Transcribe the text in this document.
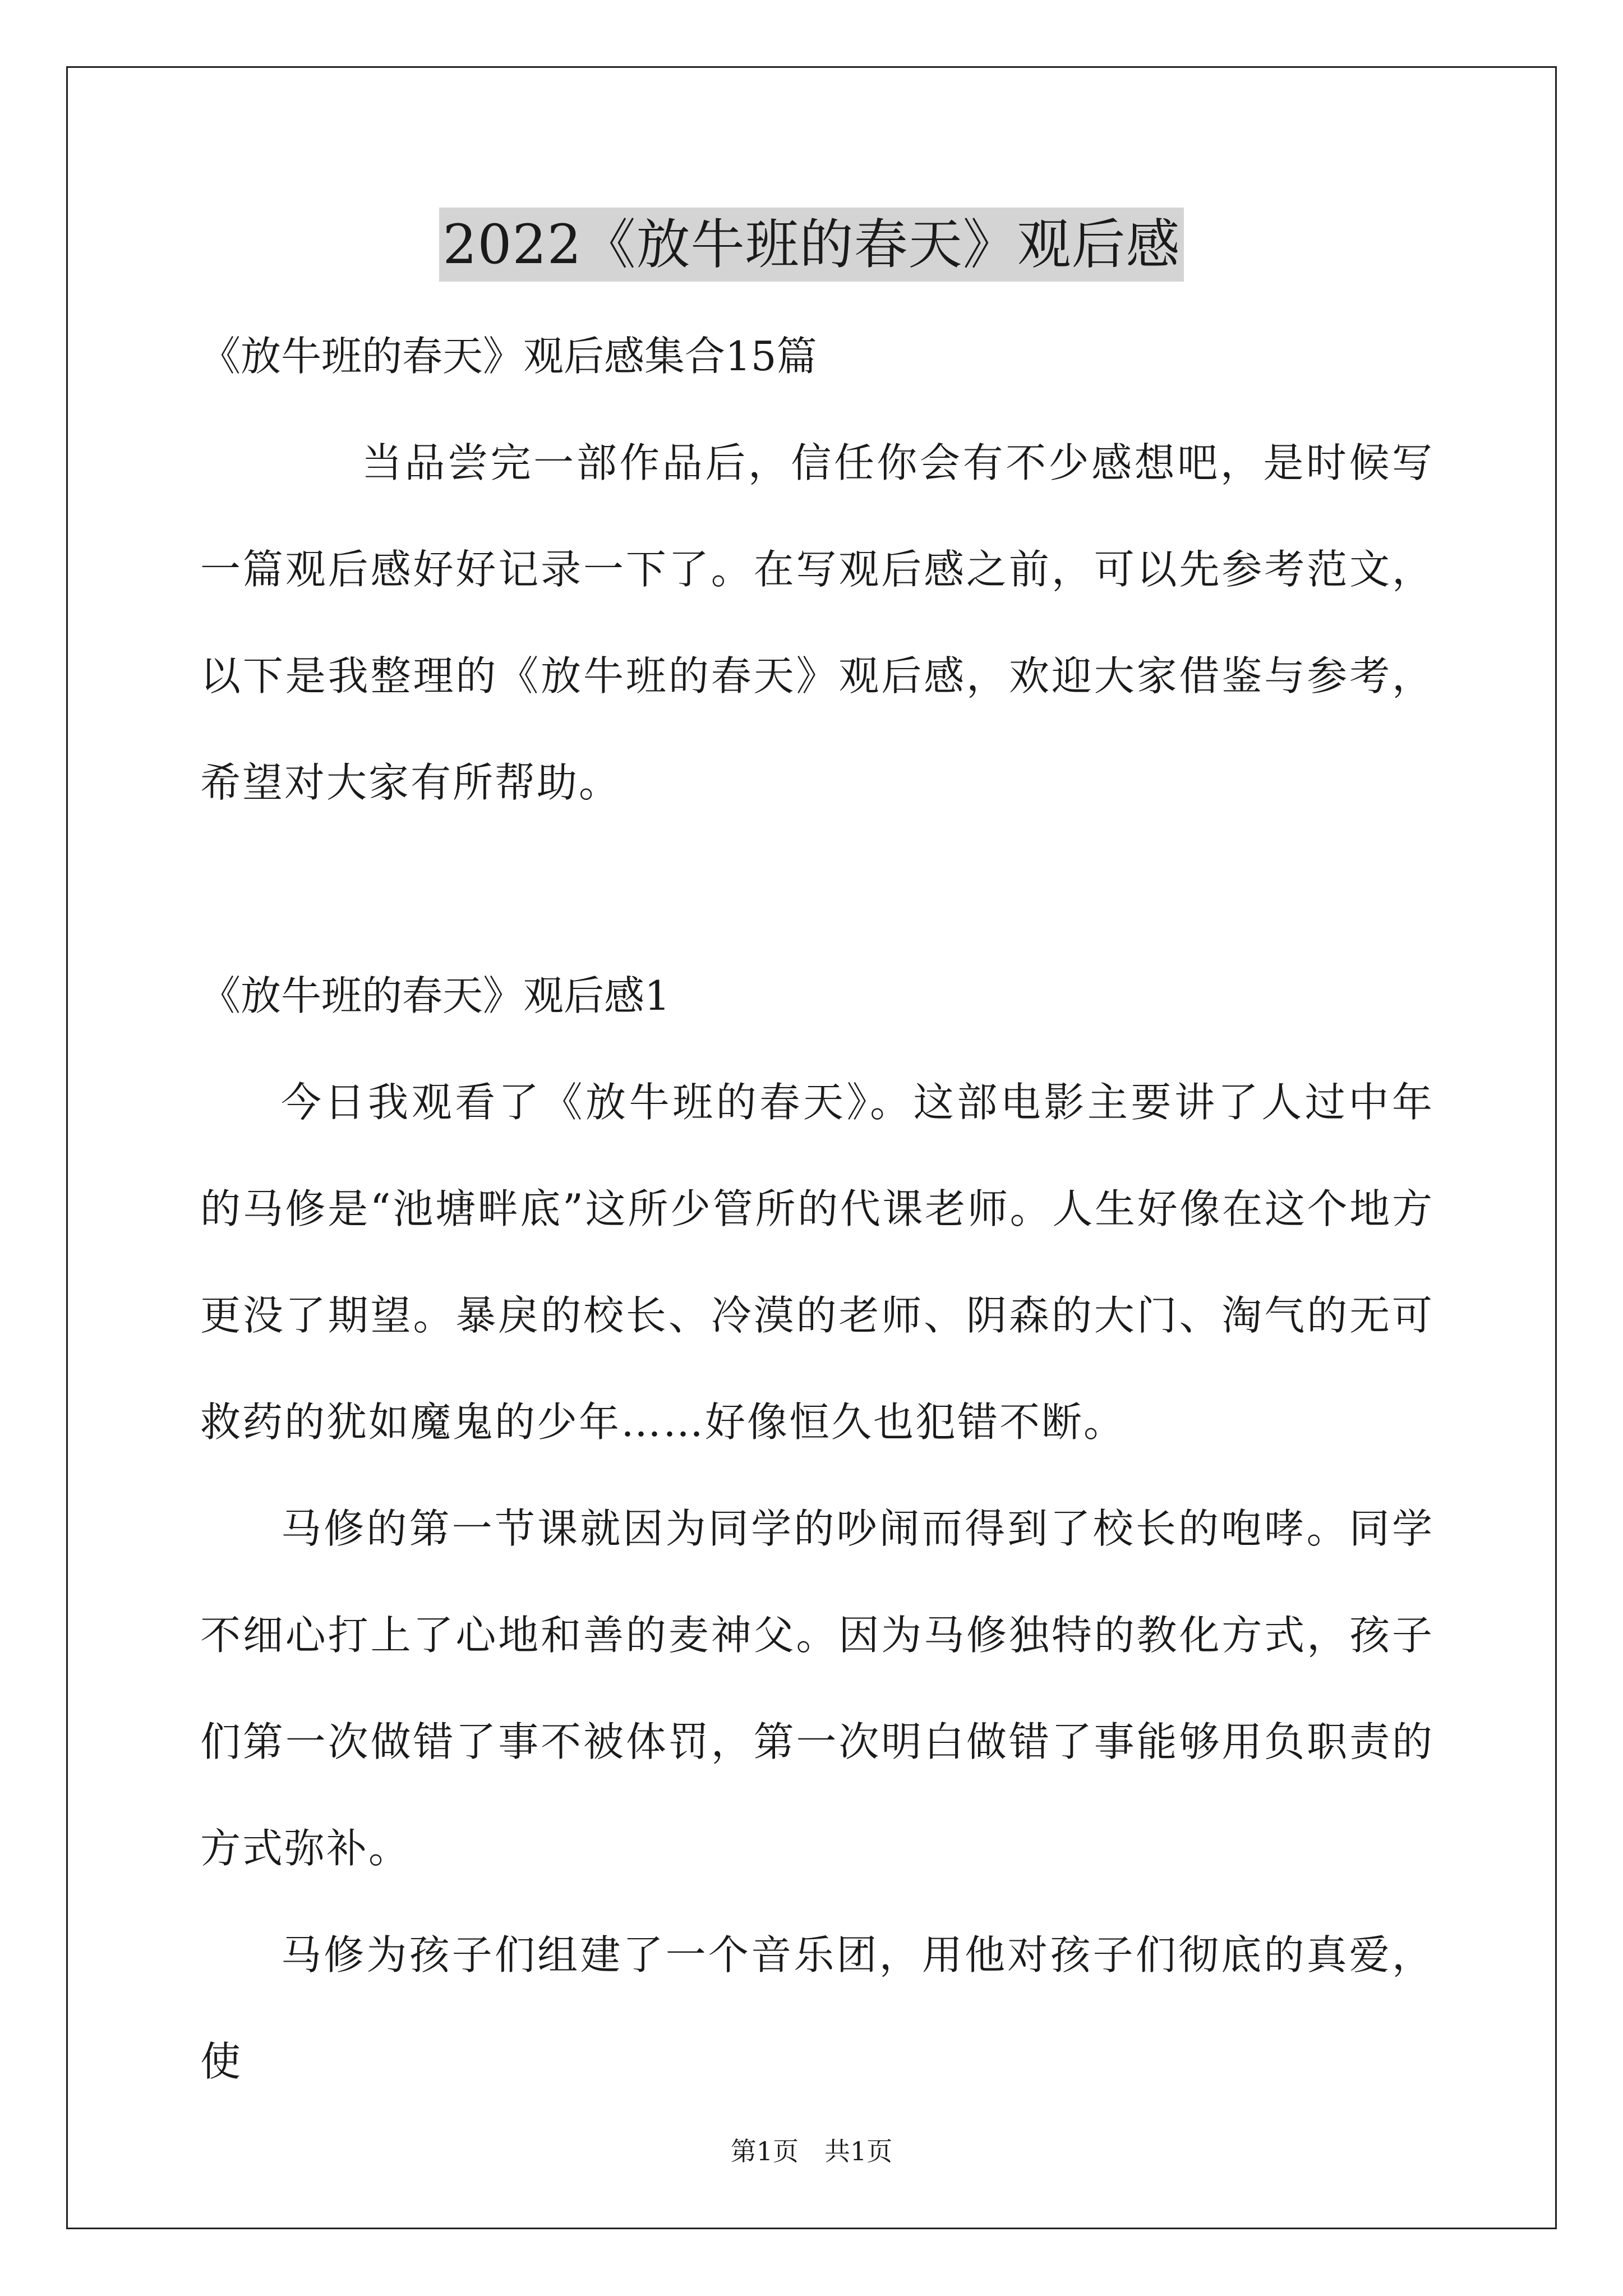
2022《放牛班的春天》观后感

《放牛班的春天》观后感集合15篇

当品尝完一部作品后，信任你会有不少感想吧，是时候写一篇观后感好好记录一下了。在写观后感之前，可以先参考范文，以下是我整理的《放牛班的春天》观后感，欢迎大家借鉴与参考，希望对大家有所帮助。

《放牛班的春天》观后感1

今日我观看了《放牛班的春天》。这部电影主要讲了人过中年的马修是“池塘畔底”这所少管所的代课老师。人生好像在这个地方更没了期望。暴戾的校长、冷漠的老师、阴森的大门、淘气的无可救药的犹如魔鬼的少年……好像恒久也犯错不断。

马修的第一节课就因为同学的吵闹而得到了校长的咆哮。同学不细心打上了心地和善的麦神父。因为马修独特的教化方式，孩子们第一次做错了事不被体罚，第一次明白做错了事能够用负职责的方式弥补。

马修为孩子们组建了一个音乐团，用他对孩子们彻底的真爱，使

第1页 共1页
